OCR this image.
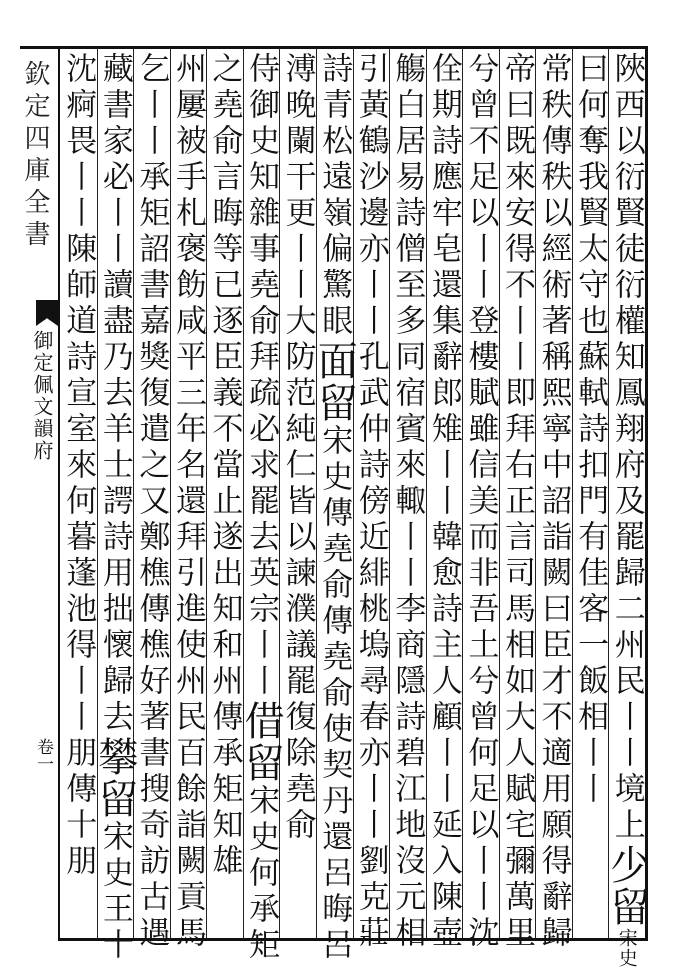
欽定四庫全書
御定佩文韻府
卷一	陜西以衍賢徒衍權知鳳翔府及罷歸二州民丨丨境上少留宋史
曰何奪我賢太守也蘇軾詩扣門有佳客一飯相丨丨
常秩傳秩以經術著稱熙寧中詔詣闕曰臣才不適用願得辭歸
帝曰既來安得不丨丨即拜右正言司馬相如大人賦宅彌萬里
兮曾不足以丨丨登樓賦雖信美而非吾土兮曾何足以丨丨沈
佺期詩應牢皂還集辭郎雉丨丨韓愈詩主人顧丨丨延入陳壺
觴白居易詩僧至多同宿賓來輙丨丨李商隱詩碧江地沒元相
引黃鶴沙邊亦丨丨孔武仲詩傍近緋桃塢尋春亦丨丨劉克莊
詩青松遠嶺偏驚眼面留宋史傳堯俞傳堯俞使契丹還呂晦呂
溥晚闌干更丨丨大防范純仁皆以諫濮議罷復除堯俞
侍御史知雜事堯俞拜疏必求罷去英宗丨丨借留宋史何承矩
之堯俞言晦等已逐臣義不當止遂出知和州傳承矩知雄
州屢被手札褒飭咸平三年名還拜引進使州民百餘詣闕貢馬
乞丨丨承矩詔書嘉獎復遣之又鄭樵傳樵好著書搜奇訪古遇
藏書家必丨丨讀盡乃去羊士諤詩用拙懷歸去攀留宋史王十
沈痾畏丨丨陳師道詩宣室來何暮蓬池得丨丨朋傳十朋
